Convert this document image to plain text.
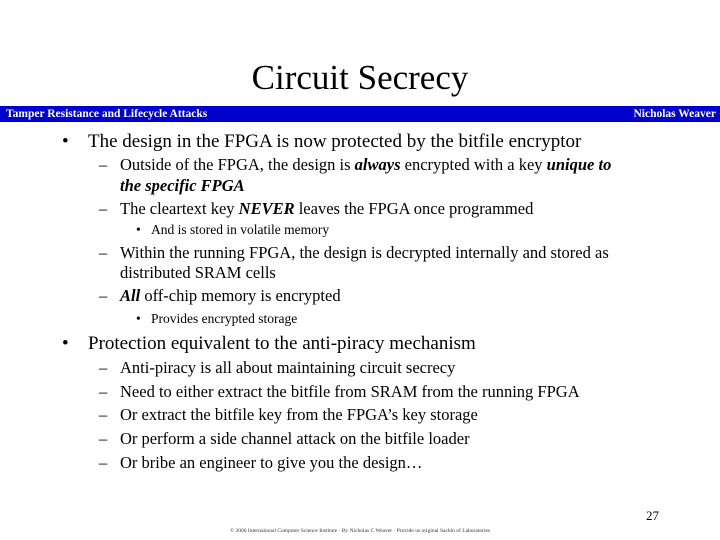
Circuit Secrecy
Tamper Resistance and Lifecycle Attacks	Nicholas Weaver
• The design in the FPGA is now protected by the bitfile encryptor
– Outside of the FPGA, the design is always encrypted with a key unique to
the specific FPGA
– The cleartext key NEVER leaves the FPGA once programmed
• And is stored in volatile memory
– Within the running FPGA, the design is decrypted internally and stored as
distributed SRAM cells
– All off-chip memory is encrypted
• Provides encrypted storage
• Protection equivalent to the anti-piracy mechanism
– Anti-piracy is all about maintaining circuit secrecy
– Need to either extract the bitfile from SRAM from the running FPGA
– Or extract the bitfile key from the FPGA’s key storage
– Or perform a side channel attack on the bitfile loader
– Or bribe an engineer to give you the design…
27
© 2006 International Computer Science Institute · By Nicholas C Weaver · Provide us original Sachin of Laboratories
